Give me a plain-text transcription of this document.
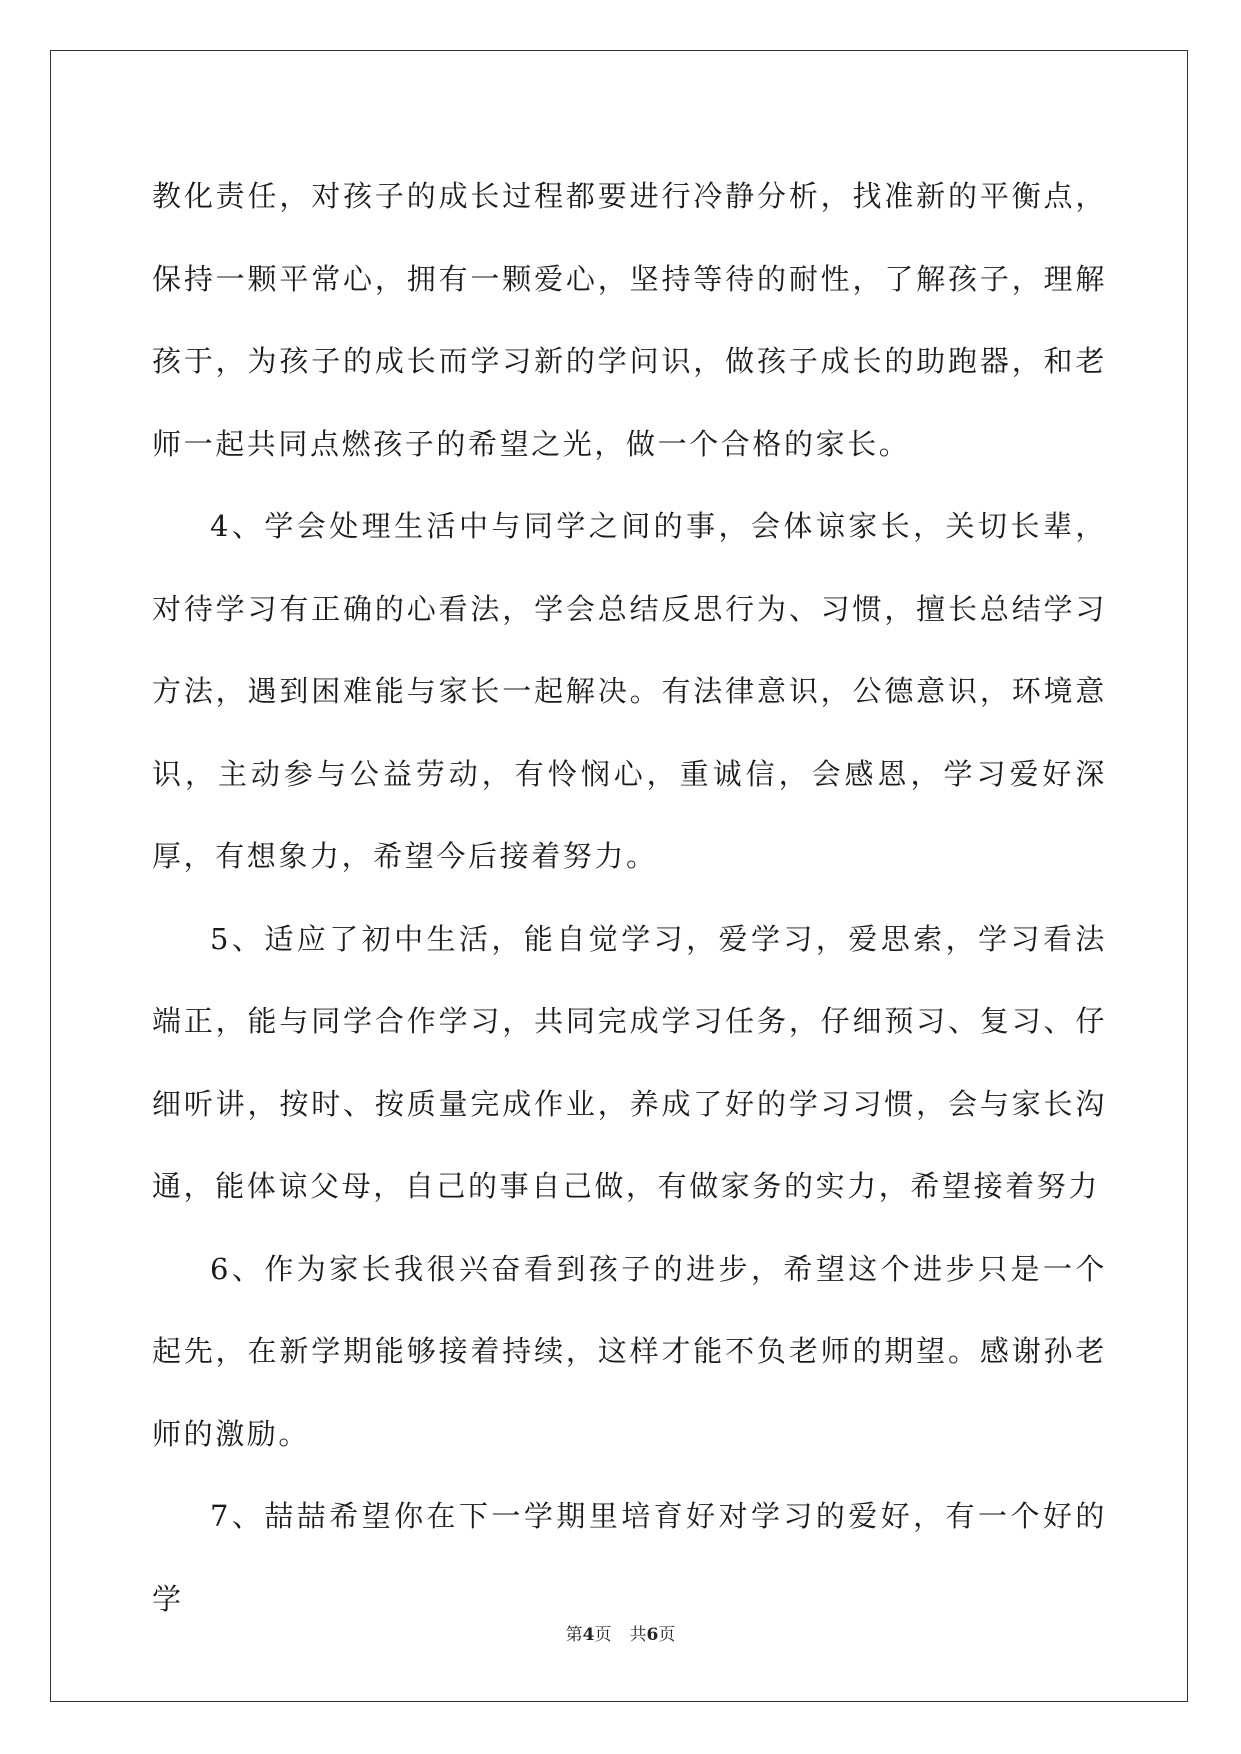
教化责任，对孩子的成长过程都要进行冷静分析，找准新的平衡点，保持一颗平常心，拥有一颗爱心，坚持等待的耐性，了解孩子，理解孩于，为孩子的成长而学习新的学问识，做孩子成长的助跑器，和老师一起共同点燃孩子的希望之光，做一个合格的家长。

4、学会处理生活中与同学之间的事，会体谅家长，关切长辈，对待学习有正确的心看法，学会总结反思行为、习惯，擅长总结学习方法，遇到困难能与家长一起解决。有法律意识，公德意识，环境意识，主动参与公益劳动，有怜悯心，重诚信，会感恩，学习爱好深厚，有想象力，希望今后接着努力。

5、适应了初中生活，能自觉学习，爱学习，爱思索，学习看法端正，能与同学合作学习，共同完成学习任务，仔细预习、复习、仔细听讲，按时、按质量完成作业，养成了好的学习习惯，会与家长沟通，能体谅父母，自己的事自己做，有做家务的实力，希望接着努力

6、作为家长我很兴奋看到孩子的进步，希望这个进步只是一个起先，在新学期能够接着持续，这样才能不负老师的期望。感谢孙老师的激励。

7、喆喆希望你在下一学期里培育好对学习的爱好，有一个好的学

第4页 共6页
